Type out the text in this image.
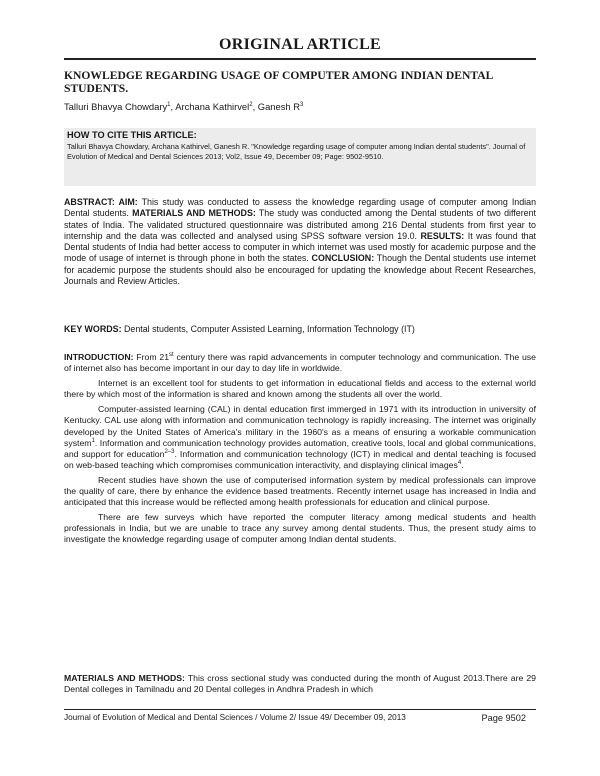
ORIGINAL ARTICLE
KNOWLEDGE REGARDING USAGE OF COMPUTER AMONG INDIAN DENTAL STUDENTS.
Talluri Bhavya Chowdary$^1$, Archana Kathirvel$^2$, Ganesh $R^3$
HOW TO CITE THIS ARTICLE:
Talluri Bhavya Chowdary, Archana Kathirvel, Ganesh R. "Knowledge regarding usage of computer among Indian dental students". Journal of Evolution of Medical and Dental Sciences 2013; Vol2, Issue 49, December 09; Page: 9502-9510.
ABSTRACT: AIM: This study was conducted to assess the knowledge regarding usage of computer among Indian Dental students. MATERIALS AND METHODS: The study was conducted among the Dental students of two different states of India. The validated structured questionnaire was distributed among 216 Dental students from first year to internship and the data was collected and analysed using SPSS software version 19.0. RESULTS: It was found that Dental students of India had better access to computer in which internet was used mostly for academic purpose and the mode of usage of internet is through phone in both the states. CONCLUSION: Though the Dental students use internet for academic purpose the students should also be encouraged for updating the knowledge about Recent Researches, Journals and Review Articles.
KEY WORDS: Dental students, Computer Assisted Learning, Information Technology (IT)

INTRODUCTION: From 21st century there was rapid advancements in computer technology and communication. The use of internet also has become important in our day to day life in worldwide.

Internet is an excellent tool for students to get information in educational fields and access to the external world there by which most of the information is shared and known among the students all over the world.

Computer-assisted learning (CAL) in dental education first immerged in 1971 with its introduction in university of Kentucky. CAL use along with information and communication technology is rapidly increasing. The internet was originally developed by the United States of America's military in the 1960's as a means of ensuring a workable communication system$^1$. Information and communication technology provides automation, creative tools, local and global communications, and support for education$^{2-3}$. Information and communication technology (ICT) in medical and dental teaching is focused on web-based teaching which compromises communication interactivity, and displaying clinical images$^4$.

Recent studies have shown the use of computerised information system by medical professionals can improve the quality of care, there by enhance the evidence based treatments. Recently internet usage has increased in India and anticipated that this increase would be reflected among health professionals for education and clinical purpose.

There are few surveys which have reported the computer literacy among medical students and health professionals in India, but we are unable to trace any survey among dental students. Thus, the present study aims to investigate the knowledge regarding usage of computer among Indian dental students.

MATERIALS AND METHODS: This cross sectional study was conducted during the month of August 2013.There are 29 Dental colleges in Tamilnadu and 20 Dental colleges in Andhra Pradesh in which
Journal of Evolution of Medical and Dental Sciences / Volume 2/ Issue 49/ December 09, 2013	Page 9502
